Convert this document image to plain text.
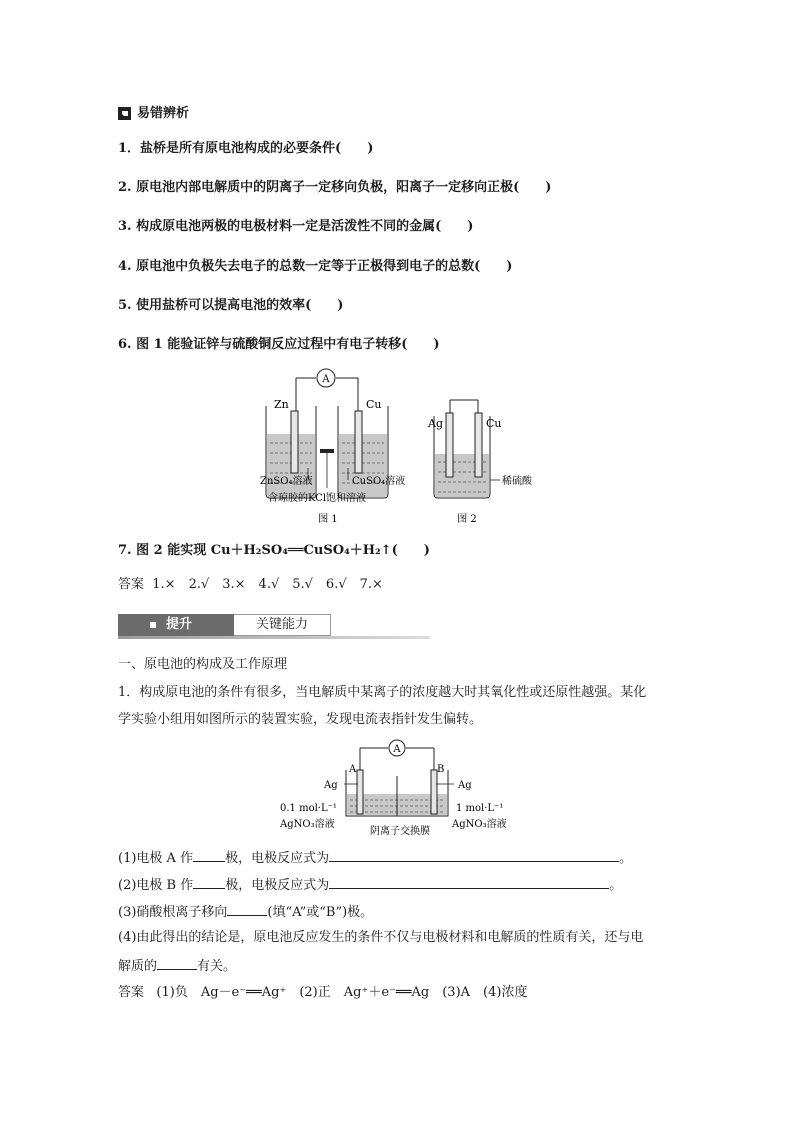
易错辨析
1．盐桥是所有原电池构成的必要条件(　　)
2. 原电池内部电解质中的阴离子一定移向负极，阳离子一定移向正极(　　)
3. 构成原电池两极的电极材料一定是活泼性不同的金属(　　)
4. 原电池中负极失去电子的总数一定等于正极得到电子的总数(　　)
5. 使用盐桥可以提高电池的效率(　　)
6. 图 1 能验证锌与硫酸铜反应过程中有电子转移(　　)
A
Zn	Cu
ZnSO₄溶液	CuSO₄溶液
含琼胶的KCl饱和溶液
图 1
Ag	Cu
稀硫酸
图 2
7. 图 2 能实现 Cu＋H₂SO₄══CuSO₄＋H₂↑(　　)
答案 1.×　2.√　3.×　4.√　5.√　6.√　7.×
提升	关键能力
一、原电池的构成及工作原理
1．构成原电池的条件有很多，当电解质中某离子的浓度越大时其氧化性或还原性越强。某化
学实验小组用如图所示的装置实验，发现电流表指针发生偏转。
A
A	B
Ag	Ag
0.1 mol·L⁻¹
AgNO₃溶液
1 mol·L⁻¹
AgNO₃溶液
阴离子交换膜
(1)电极 A 作 极，电极反应式为	。
(2)电极 B 作 极，电极反应式为	。
(3)硝酸根离子移向	(填“A”或“B”)极。
(4)由此得出的结论是，原电池反应发生的条件不仅与电极材料和电解质的性质有关，还与电
解质的	有关。
答案 (1)负　Ag－e⁻══Ag⁺　(2)正　Ag⁺＋e⁻══Ag　(3)A　(4)浓度
